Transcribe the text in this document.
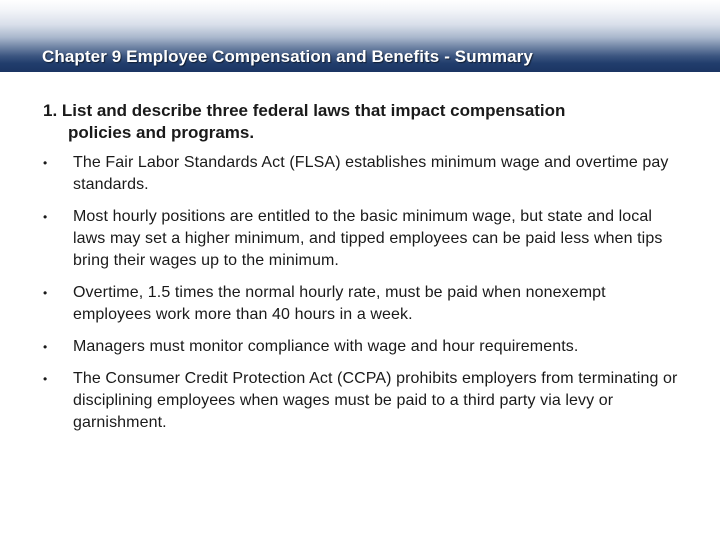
Chapter 9 Employee Compensation and Benefits - Summary

1. List and describe three federal laws that impact compensation
policies and programs.

•	The Fair Labor Standards Act (FLSA) establishes minimum wage and overtime pay standards.
•	Most hourly positions are entitled to the basic minimum wage, but state and local laws may set a higher minimum, and tipped employees can be paid less when tips bring their wages up to the minimum.
•	Overtime, 1.5 times the normal hourly rate, must be paid when nonexempt employees work more than 40 hours in a week.
•	Managers must monitor compliance with wage and hour requirements.
•	The Consumer Credit Protection Act (CCPA) prohibits employers from terminating or disciplining employees when wages must be paid to a third party via levy or garnishment.
